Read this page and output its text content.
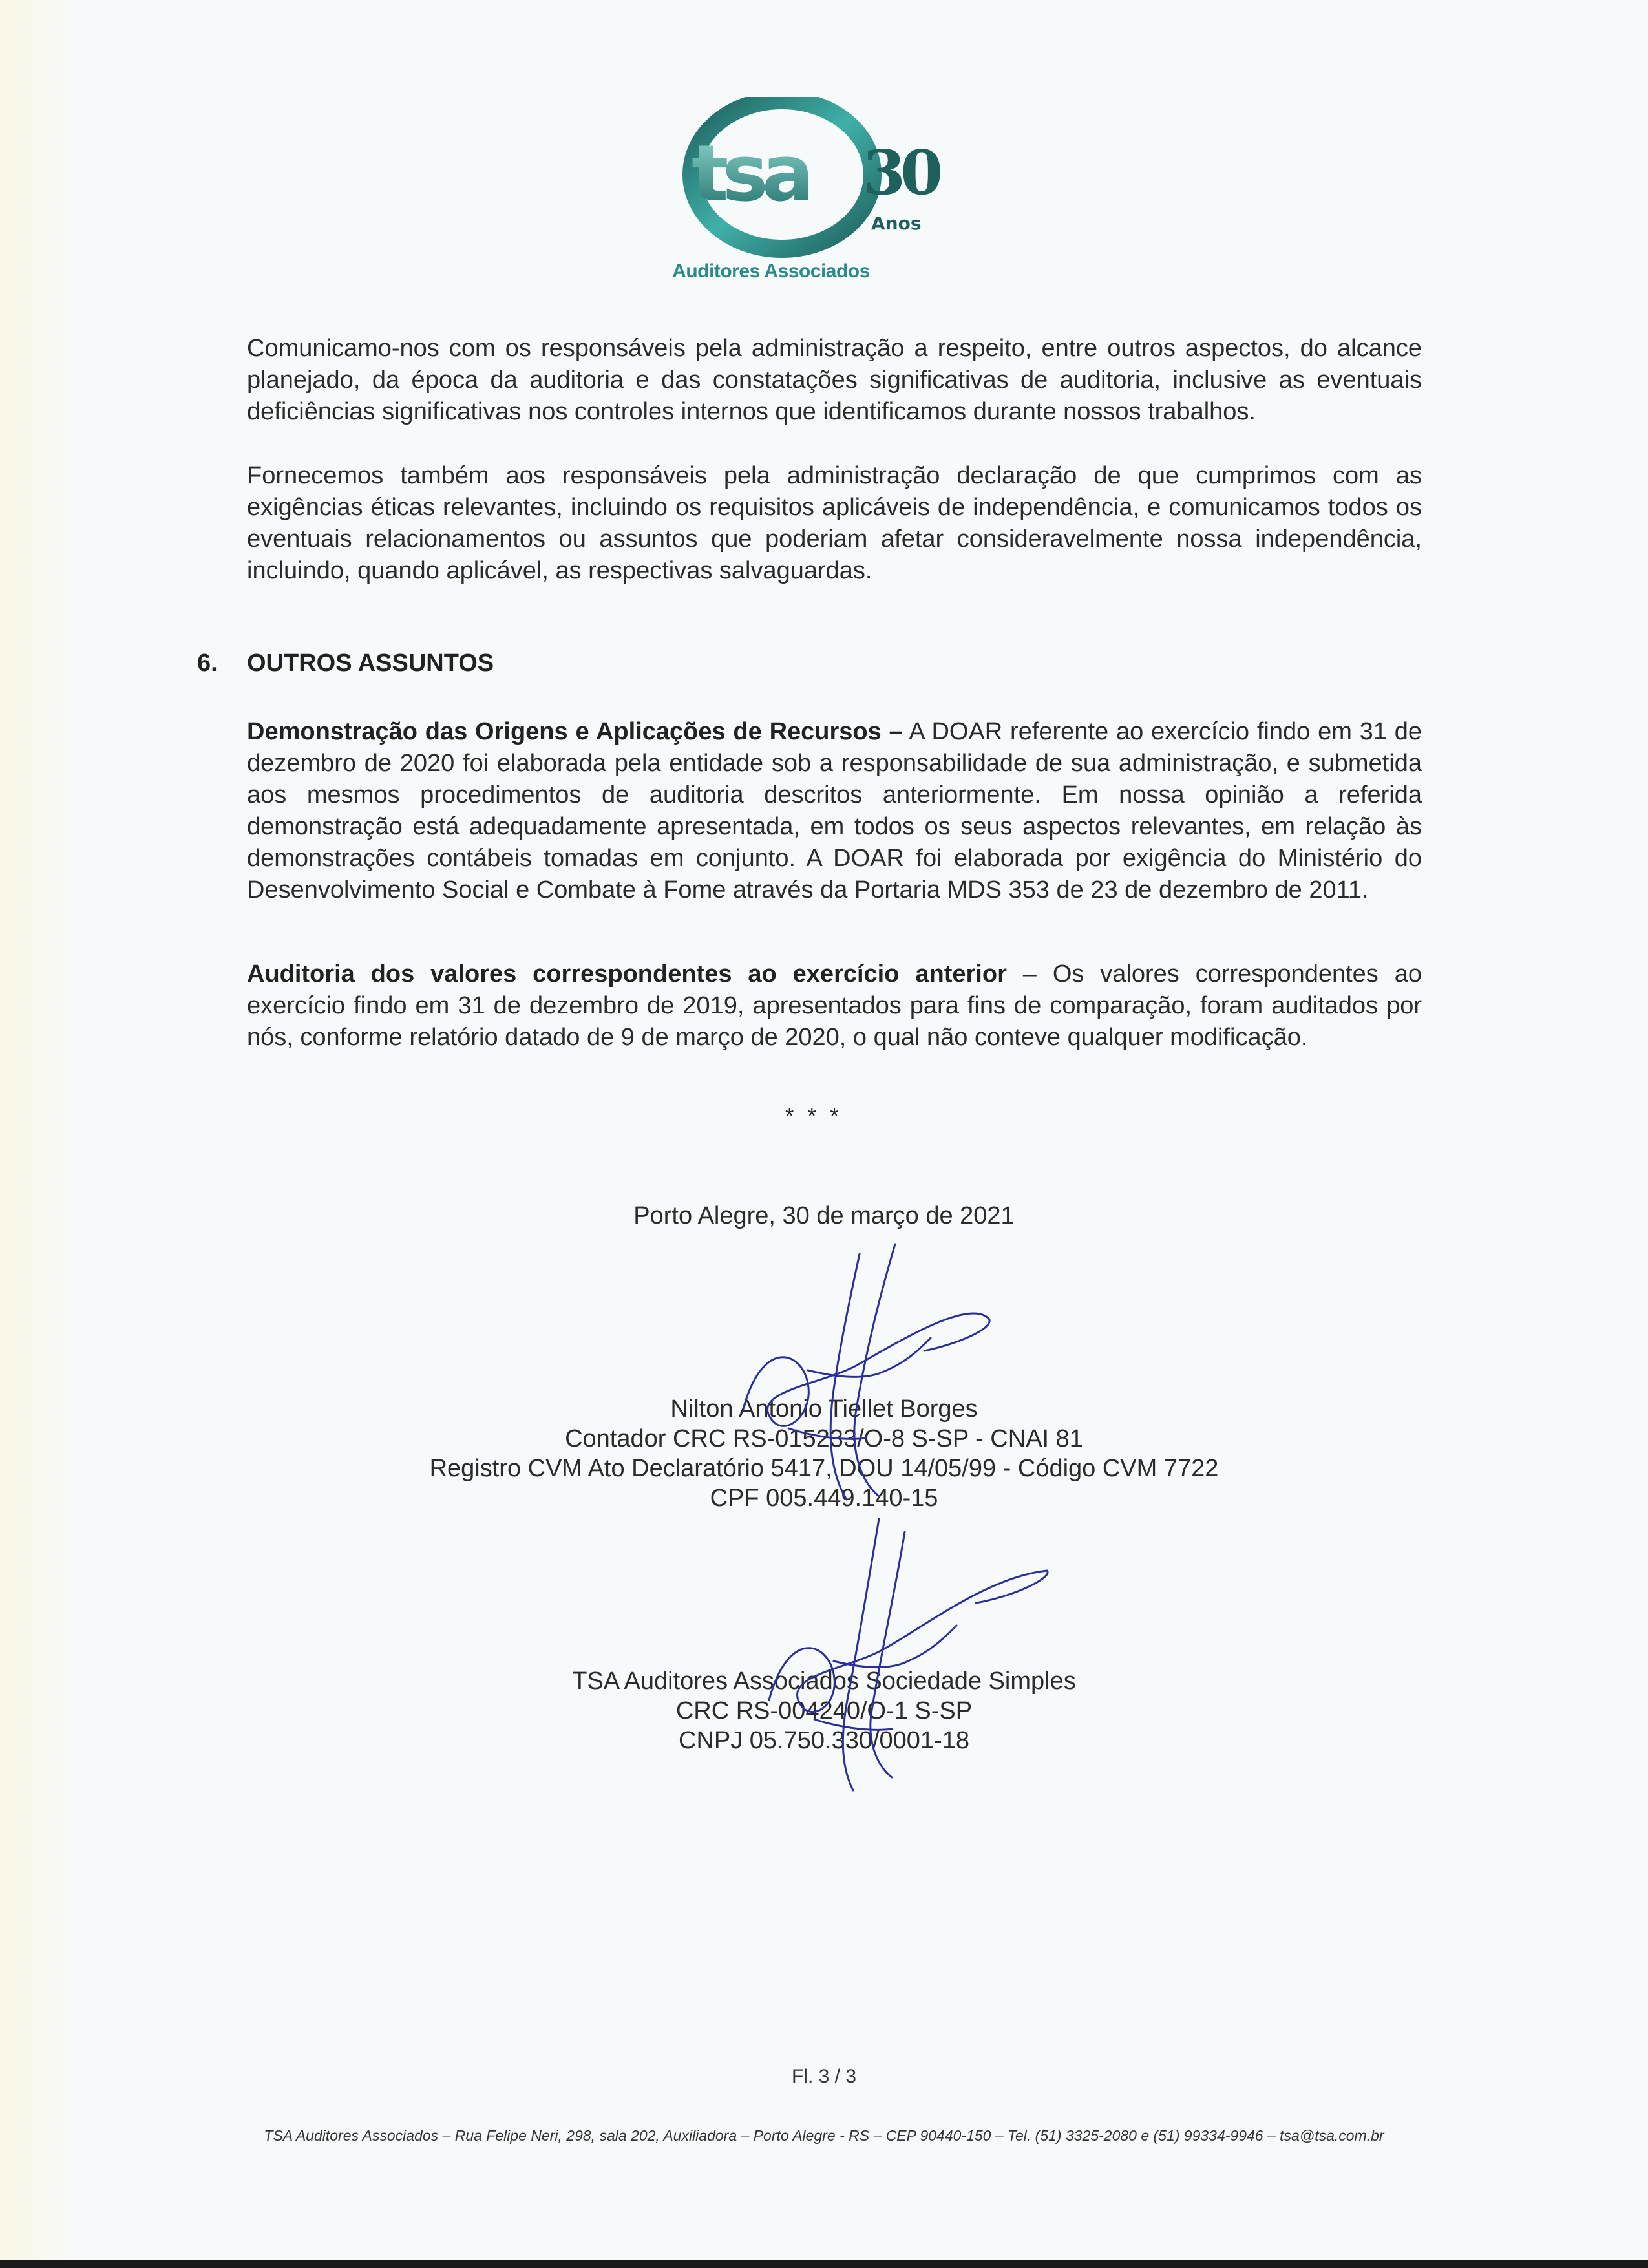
tsa 30
Anos
Auditores Associados

Comunicamo-nos com os responsáveis pela administração a respeito, entre outros aspectos, do alcance planejado, da época da auditoria e das constatações significativas de auditoria, inclusive as eventuais deficiências significativas nos controles internos que identificamos durante nossos trabalhos.

Fornecemos também aos responsáveis pela administração declaração de que cumprimos com as exigências éticas relevantes, incluindo os requisitos aplicáveis de independência, e comunicamos todos os eventuais relacionamentos ou assuntos que poderiam afetar consideravelmente nossa independência, incluindo, quando aplicável, as respectivas salvaguardas.

6. OUTROS ASSUNTOS

Demonstração das Origens e Aplicações de Recursos – A DOAR referente ao exercício findo em 31 de dezembro de 2020 foi elaborada pela entidade sob a responsabilidade de sua administração, e submetida aos mesmos procedimentos de auditoria descritos anteriormente. Em nossa opinião a referida demonstração está adequadamente apresentada, em todos os seus aspectos relevantes, em relação às demonstrações contábeis tomadas em conjunto. A DOAR foi elaborada por exigência do Ministério do Desenvolvimento Social e Combate à Fome através da Portaria MDS 353 de 23 de dezembro de 2011.

Auditoria dos valores correspondentes ao exercício anterior – Os valores correspondentes ao exercício findo em 31 de dezembro de 2019, apresentados para fins de comparação, foram auditados por nós, conforme relatório datado de 9 de março de 2020, o qual não conteve qualquer modificação.

* * *
Porto Alegre, 30 de março de 2021
Nilton Antonio Tiellet Borges
Contador CRC RS-015233/O-8 S-SP - CNAI 81
Registro CVM Ato Declaratório 5417, DOU 14/05/99 - Código CVM 7722
CPF 005.449.140-15
TSA Auditores Associados Sociedade Simples
CRC RS-004240/O-1 S-SP
CNPJ 05.750.330/0001-18
Fl. 3 / 3
TSA Auditores Associados – Rua Felipe Neri, 298, sala 202, Auxiliadora – Porto Alegre - RS – CEP 90440-150 – Tel. (51) 3325-2080 e (51) 99334-9946 – tsa@tsa.com.br
